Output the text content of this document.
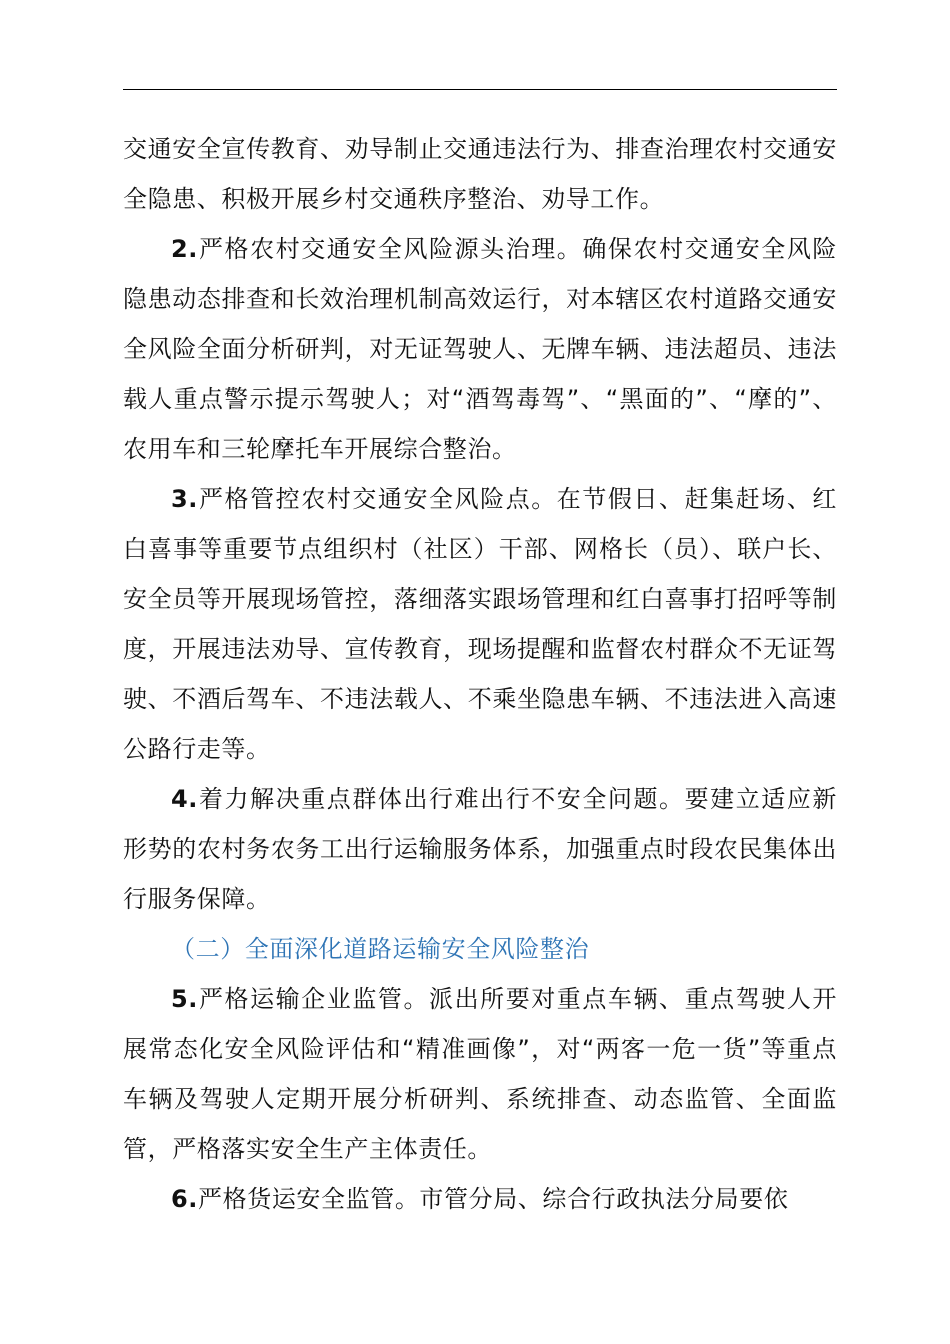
交通安全宣传教育、劝导制止交通违法行为、排查治理农村交通安全隐患、积极开展乡村交通秩序整治、劝导工作。

2.严格农村交通安全风险源头治理。确保农村交通安全风险隐患动态排查和长效治理机制高效运行，对本辖区农村道路交通安全风险全面分析研判，对无证驾驶人、无牌车辆、违法超员、违法载人重点警示提示驾驶人；对“酒驾毒驾”、“黑面的”、“摩的”、农用车和三轮摩托车开展综合整治。

3.严格管控农村交通安全风险点。在节假日、赶集赶场、红白喜事等重要节点组织村（社区）干部、网格长（员）、联户长、安全员等开展现场管控，落细落实跟场管理和红白喜事打招呼等制度，开展违法劝导、宣传教育，现场提醒和监督农村群众不无证驾驶、不酒后驾车、不违法载人、不乘坐隐患车辆、不违法进入高速公路行走等。

4.着力解决重点群体出行难出行不安全问题。要建立适应新形势的农村务农务工出行运输服务体系，加强重点时段农民集体出行服务保障。

（二）全面深化道路运输安全风险整治

5.严格运输企业监管。派出所要对重点车辆、重点驾驶人开展常态化安全风险评估和“精准画像”，对“两客一危一货”等重点车辆及驾驶人定期开展分析研判、系统排查、动态监管、全面监管，严格落实安全生产主体责任。

6.严格货运安全监管。市管分局、综合行政执法分局要依
